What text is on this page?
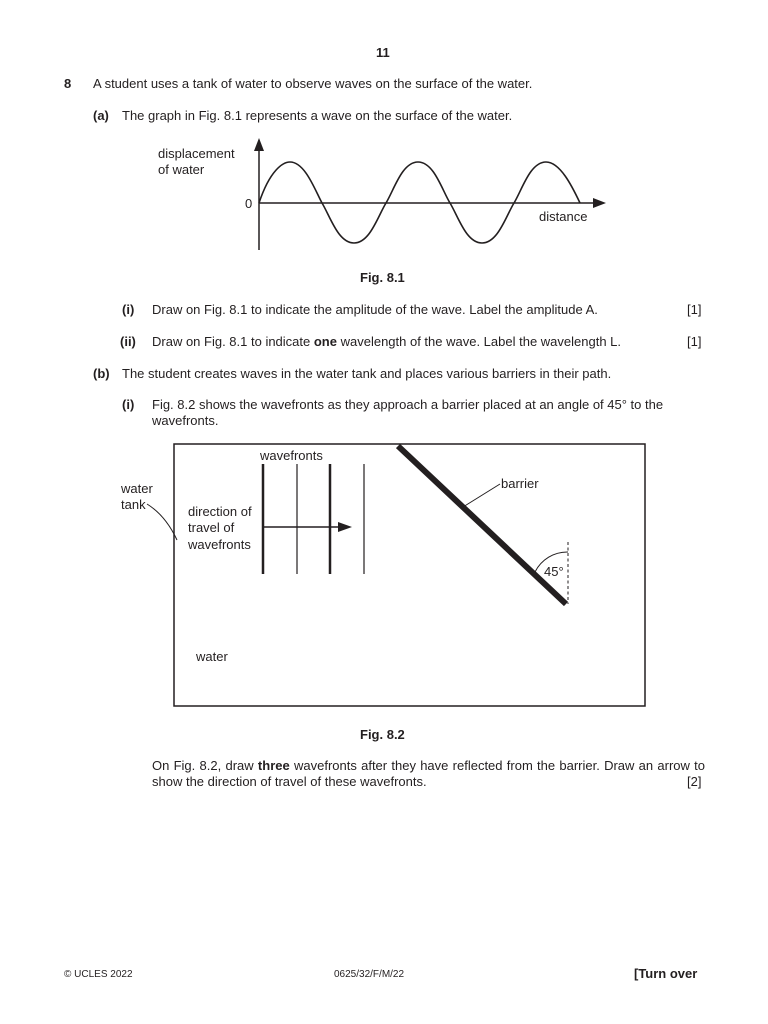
11
8 A student uses a tank of water to observe waves on the surface of the water.
(a) The graph in Fig. 8.1 represents a wave on the surface of the water.
displacement
of water
0
distance
Fig. 8.1
(i) Draw on Fig. 8.1 to indicate the amplitude of the wave. Label the amplitude A.	[1]
(ii) Draw on Fig. 8.1 to indicate one wavelength of the wave. Label the wavelength L.	[1]
(b) The student creates waves in the water tank and places various barriers in their path.
(i) Fig. 8.2 shows the wavefronts as they approach a barrier placed at an angle of 45° to the wavefronts.
wavefronts
barrier
water
tank	direction of
travel of
wavefronts
45°
water
Fig. 8.2
On Fig. 8.2, draw three wavefronts after they have reflected from the barrier. Draw an arrow to show the direction of travel of these wavefronts.	[2]
© UCLES 2022	0625/32/F/M/22	[Turn over
